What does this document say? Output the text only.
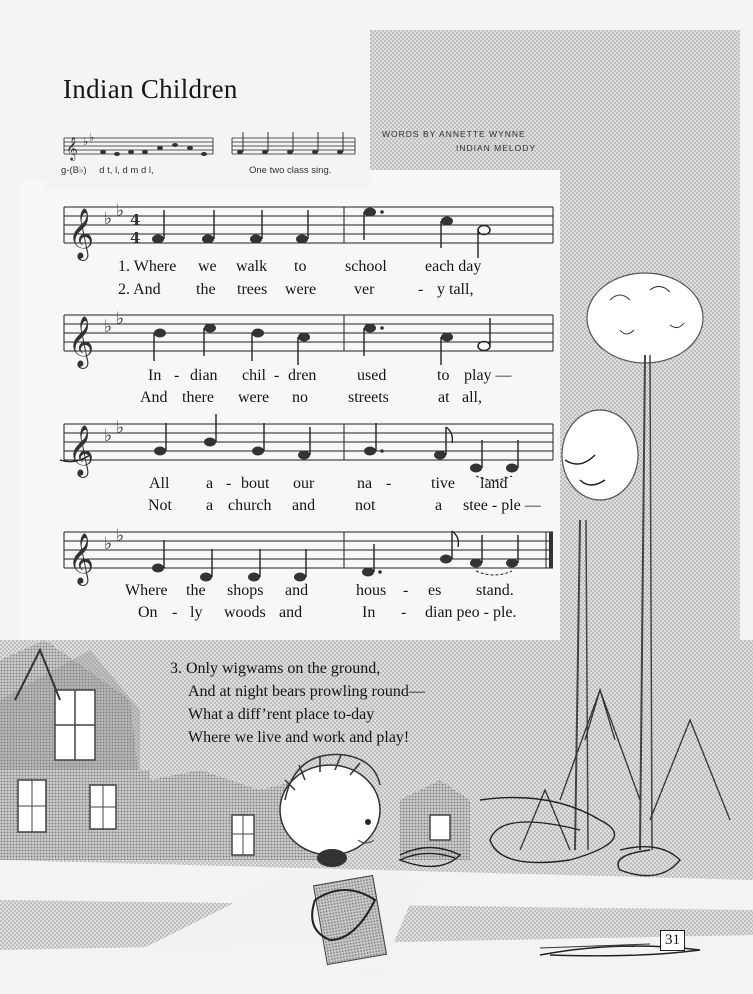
𝄞 ♭ ♭
𝄞 ♭ ♭ 4
4
𝄞 ♭ ♭
𝄞 ♭ ♭
𝄞 ♭ ♭
Indian Children
WORDS BY ANNETTE WYNNE
INDIAN MELODY
g-(B♭) d t, l, d m d l,	One two class sing.
1. Where we walk to school each day
2. And the trees were ver	- y tall,
In - dian chil - dren	used	to play —
And there were no	streets	at all,
All a - bout our	na - tive land
Not a church and not	a stee - ple —
Where the shops and	hous - es stand.
On - ly woods and	In - dian peo - ple.
3. Only wigwams on the ground,
And at night bears prowling round—
What a diff’rent place to-day
Where we live and work and play!
31
